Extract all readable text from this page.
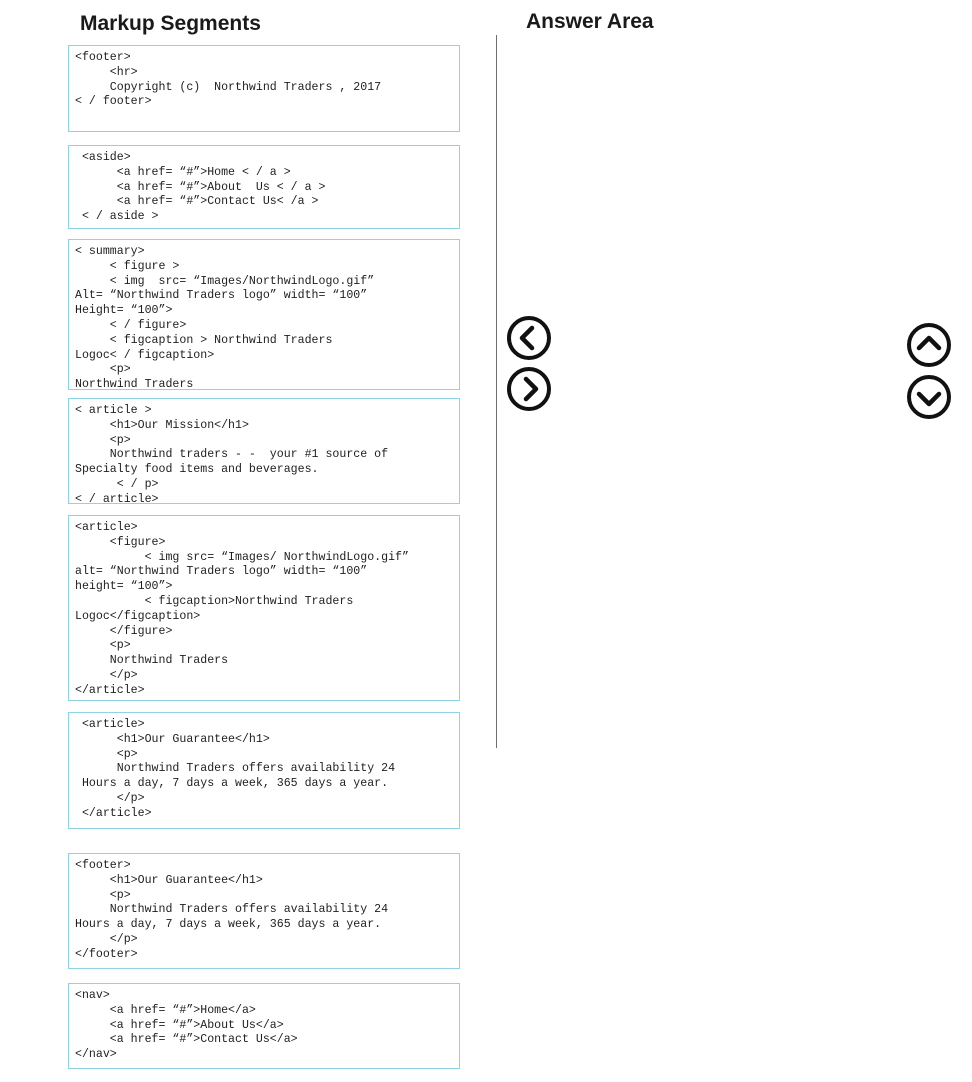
Markup Segments	Answer Area
<footer>
<hr>
Copyright (c)  Northwind Traders , 2017
< / footer>
<aside>
<a href= “#”>Home < / a >
<a href= “#”>About  Us < / a >
<a href= “#”>Contact Us< /a >
< / aside >
< summary>
< figure >
< img  src= “Images/NorthwindLogo.gif”
Alt= “Northwind Traders logo” width= “100”
Height= “100”>
< / figure>
< figcaption > Northwind Traders
Logoc< / figcaption>
<p>
Northwind Traders
< article >
<h1>Our Mission</h1>
<p>
Northwind traders - -  your #1 source of
Specialty food items and beverages.
< / p>
< / article>
<article>
<figure>
< img src= “Images/ NorthwindLogo.gif”
alt= “Northwind Traders logo” width= “100”
height= “100”>
< figcaption>Northwind Traders
Logoc</figcaption>
</figure>
<p>
Northwind Traders
</p>
</article>
<article>
<h1>Our Guarantee</h1>
<p>
Northwind Traders offers availability 24
Hours a day, 7 days a week, 365 days a year.
</p>
</article>
<footer>
<h1>Our Guarantee</h1>
<p>
Northwind Traders offers availability 24
Hours a day, 7 days a week, 365 days a year.
</p>
</footer>
<nav>
<a href= “#”>Home</a>
<a href= “#”>About Us</a>
<a href= “#”>Contact Us</a>
</nav>
